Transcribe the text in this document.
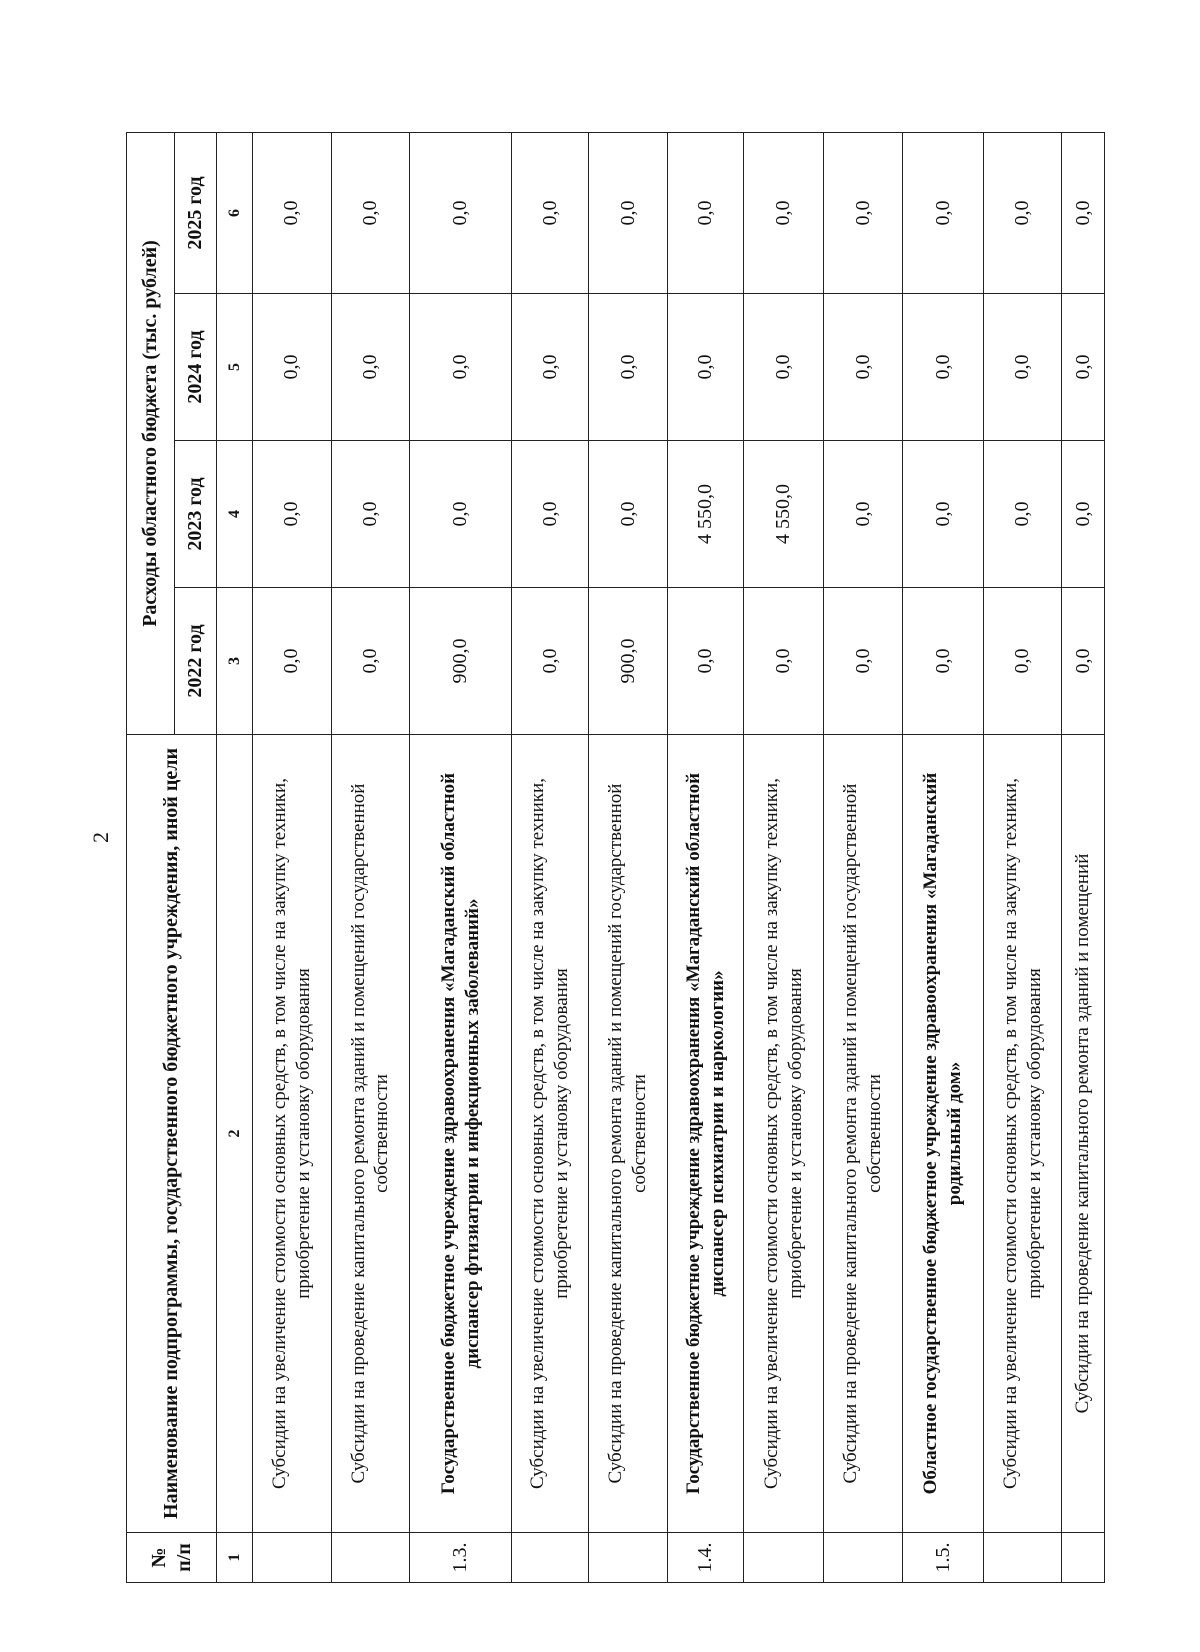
2
№ п/п	Наименование подпрограммы, государственного бюджетного учреждения, иной цели	Расходы областного бюджета (тыс. рублей)			
		2022 год	2023 год	2024 год	2025 год
1	2	3	4	5	6
	Субсидии на увеличение стоимости основных средств, в том числе на закупку техники, приобретение и установку оборудования	0,0	0,0	0,0	0,0
	Субсидии на проведение капитального ремонта зданий и помещений государственной собственности	0,0	0,0	0,0	0,0
1.3.	Государственное бюджетное учреждение здравоохранения «Магаданский областной диспансер фтизиатрии и инфекционных заболеваний»	900,0	0,0	0,0	0,0
	Субсидии на увеличение стоимости основных средств, в том числе на закупку техники, приобретение и установку оборудования	0,0	0,0	0,0	0,0
	Субсидии на проведение капитального ремонта зданий и помещений государственной собственности	900,0	0,0	0,0	0,0
1.4.	Государственное бюджетное учреждение здравоохранения «Магаданский областной диспансер психиатрии и наркологии»	0,0	4 550,0	0,0	0,0
	Субсидии на увеличение стоимости основных средств, в том числе на закупку техники, приобретение и установку оборудования	0,0	4 550,0	0,0	0,0
	Субсидии на проведение капитального ремонта зданий и помещений государственной собственности	0,0	0,0	0,0	0,0
1.5.	Областное государственное бюджетное учреждение здравоохранения «Магаданский родильный дом»	0,0	0,0	0,0	0,0
	Субсидии на увеличение стоимости основных средств, в том числе на закупку техники, приобретение и установку оборудования	0,0	0,0	0,0	0,0
	Субсидии на проведение капитального ремонта зданий и помещений	0,0	0,0	0,0	0,0
